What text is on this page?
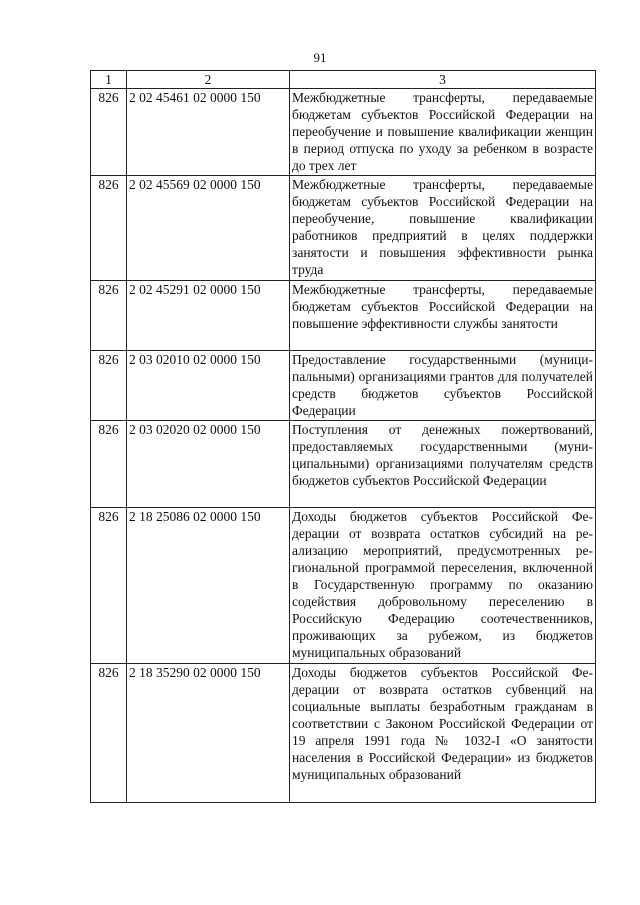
91
1	2	3
826	2 02 45461 02 0000 150	Межбюджетные трансферты, передаваемые бюджетам субъектов Российской Федерации на переобучение и повышение квалификации женщин в период отпуска по уходу за ребенком в возрасте до трех лет
826	2 02 45569 02 0000 150	Межбюджетные трансферты, передаваемые бюджетам субъектов Российской Федерации на переобучение, повышение квалификации работников предприятий в целях поддержки занятости и повышения эффективности рынка труда
826	2 02 45291 02 0000 150	Межбюджетные трансферты, передаваемые бюджетам субъектов Российской Федерации на повышение эффективности службы занятости
826	2 03 02010 02 0000 150	Предоставление государственными (муниципальными) организациями грантов для получателей средств бюджетов субъектов Российской Федерации
826	2 03 02020 02 0000 150	Поступления от денежных пожертвований, предоставляемых государственными (муниципальными) организациями получателям средств бюджетов субъектов Российской Федерации
826	2 18 25086 02 0000 150	Доходы бюджетов субъектов Российской Федерации от возврата остатков субсидий на реализацию мероприятий, предусмотренных региональной программой переселения, включенной в Государственную программу по оказанию содействия добровольному переселению в Российскую Федерацию соотечественников, проживающих за рубежом, из бюджетов муниципальных образований
826	2 18 35290 02 0000 150	Доходы бюджетов субъектов Российской Федерации от возврата остатков субвенций на социальные выплаты безработным гражданам в соответствии с Законом Российской Федерации от 19 апреля 1991 года № 1032-I «О занятости населения в Российской Федерации» из бюджетов муниципальных образований
